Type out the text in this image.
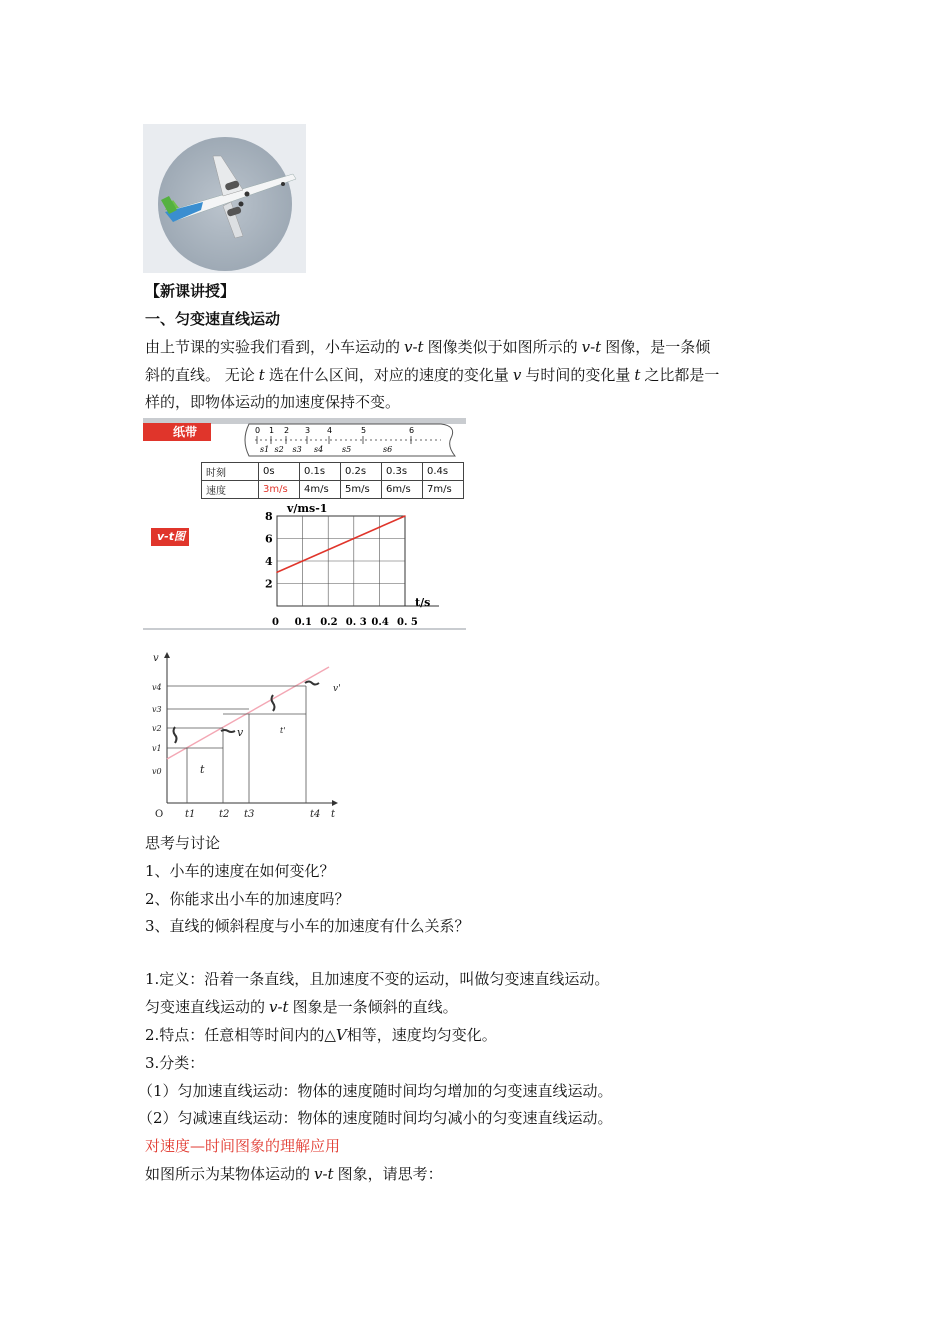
【新课讲授】
一、匀变速直线运动
由上节课的实验我们看到，小车运动的 v-t 图像类似于如图所示的 v-t 图像，是一条倾
斜的直线。 无论 t 选在什么区间，对应的速度的变化量 v 与时间的变化量 t 之比都是一
样的，即物体运动的加速度保持不变。
纸带
v-t图象
0 1 2 3 4	5	6
s1 s2 s3 s4 s5	s6
时刻	0s	0.1s	0.2s	0.3s	0.4s
速度	3m/s	4m/s	5m/s	6m/s	7m/s
2
4
6
8
0 0.1 0.2 0. 3 0.4 0. 5
v/ms-1
t/s
v
t
O
v4
v3
v2
v1
v0
t1 t2 t3	t4
v
t
v'
t'
思考与讨论
1、小车的速度在如何变化？
2、你能求出小车的加速度吗？
3、直线的倾斜程度与小车的加速度有什么关系？
1.定义：沿着一条直线，且加速度不变的运动，叫做匀变速直线运动。
匀变速直线运动的 v-t 图象是一条倾斜的直线。
2.特点：任意相等时间内的△V相等，速度均匀变化。
3.分类：
（1）匀加速直线运动：物体的速度随时间均匀增加的匀变速直线运动。
（2）匀减速直线运动：物体的速度随时间均匀减小的匀变速直线运动。
对速度—时间图象的理解应用
如图所示为某物体运动的 v-t 图象，请思考：
